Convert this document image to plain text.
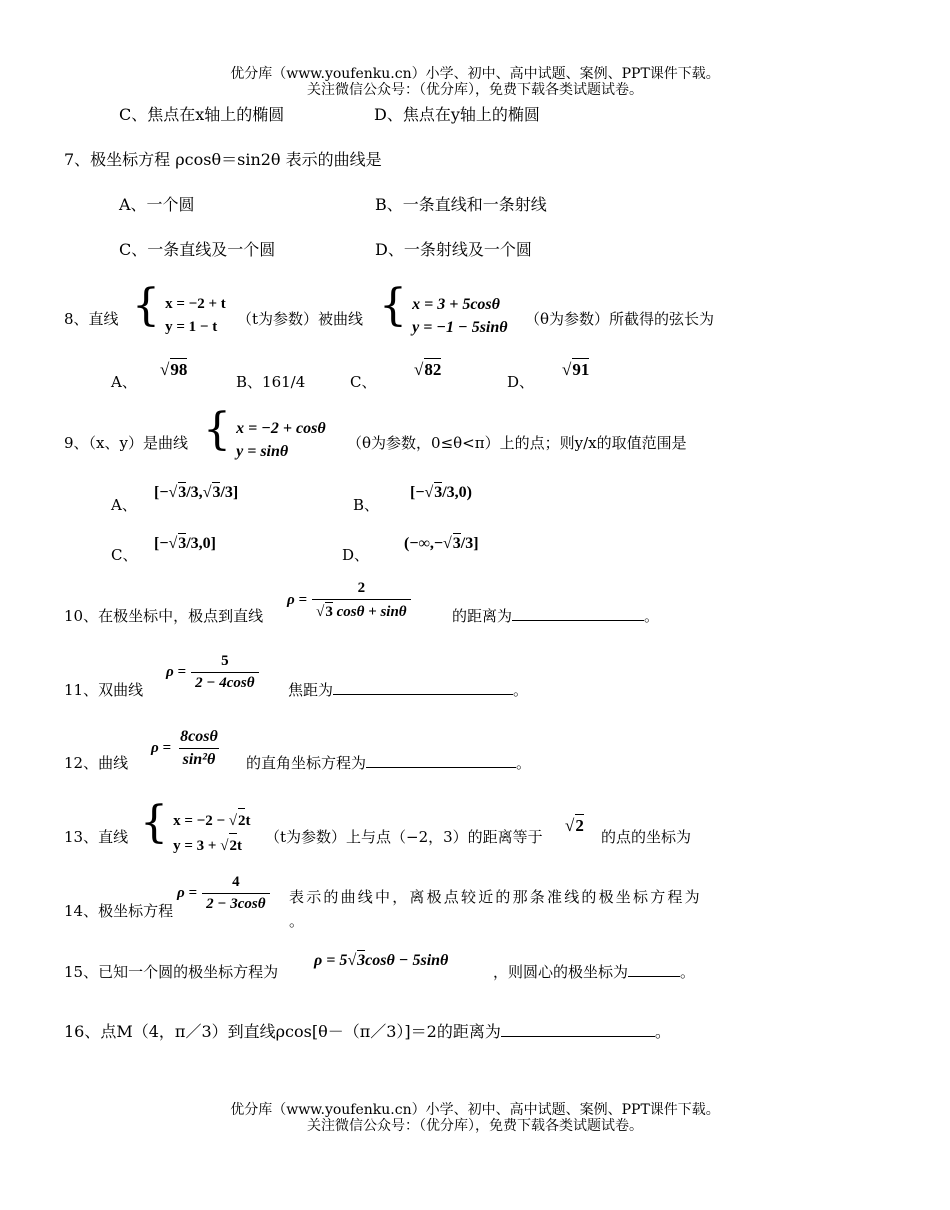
优分库（www.youfenku.cn）小学、初中、高中试题、案例、PPT课件下载。
关注微信公众号：（优分库），免费下载各类试题试卷。
C、焦点在x轴上的椭圆	D、焦点在y轴上的椭圆
7、极坐标方程 ρcosθ＝sin2θ 表示的曲线是
A、一个圆	B、一条直线和一条射线
C、一条直线及一个圆	D、一条射线及一个圆
8、直线 { x = −2 + t
y = 1 − t	（t为参数）被曲线 { x = 3 + 5cosθ
y = −1 − 5sinθ （θ为参数）所截得的弦长为
A、
√98
B、161/4	C、
√82
D、
√91
9、（x、y）是曲线 { x = −2 + cosθ
y = sinθ	（θ为参数，0≤θ<π）上的点；则y/x的取值范围是
A、
[−√3/3,√3/3]
B、
[−√3/3,0)
C、
[−√3/3,0]
D、
(−∞,−√3/3]
10、在极坐标中，极点到直线
$\rho = \frac{2}{√3 \cos\theta + \sin\theta}$	的距离为	。
11、双曲线
$\rho = \frac{5}{2 - 4\cos\theta}$ 焦距为	。
12、曲线
$\rho = \frac{8\cos\theta}{\text{sin²θ}}$ 的直角坐标方程为	。
13、直线 { x = −2 − √2t
y = 3 + √2t	（t为参数）上与点（−2，3）的距离等于
√2
的点的坐标为
14、极坐标方程
$\rho = \frac{4}{2 - 3\cos\theta}$ 表示的曲线中，离极点较近的那条准线的极坐标方程为
。
15、已知一个圆的极坐标方程为
ρ = 5√3cosθ − 5sinθ
，则圆心的极坐标为	。
16、点M（4，π／3）到直线ρcos[θ－（π／3）]＝2的距离为	。
优分库（www.youfenku.cn）小学、初中、高中试题、案例、PPT课件下载。
关注微信公众号：（优分库），免费下载各类试题试卷。
